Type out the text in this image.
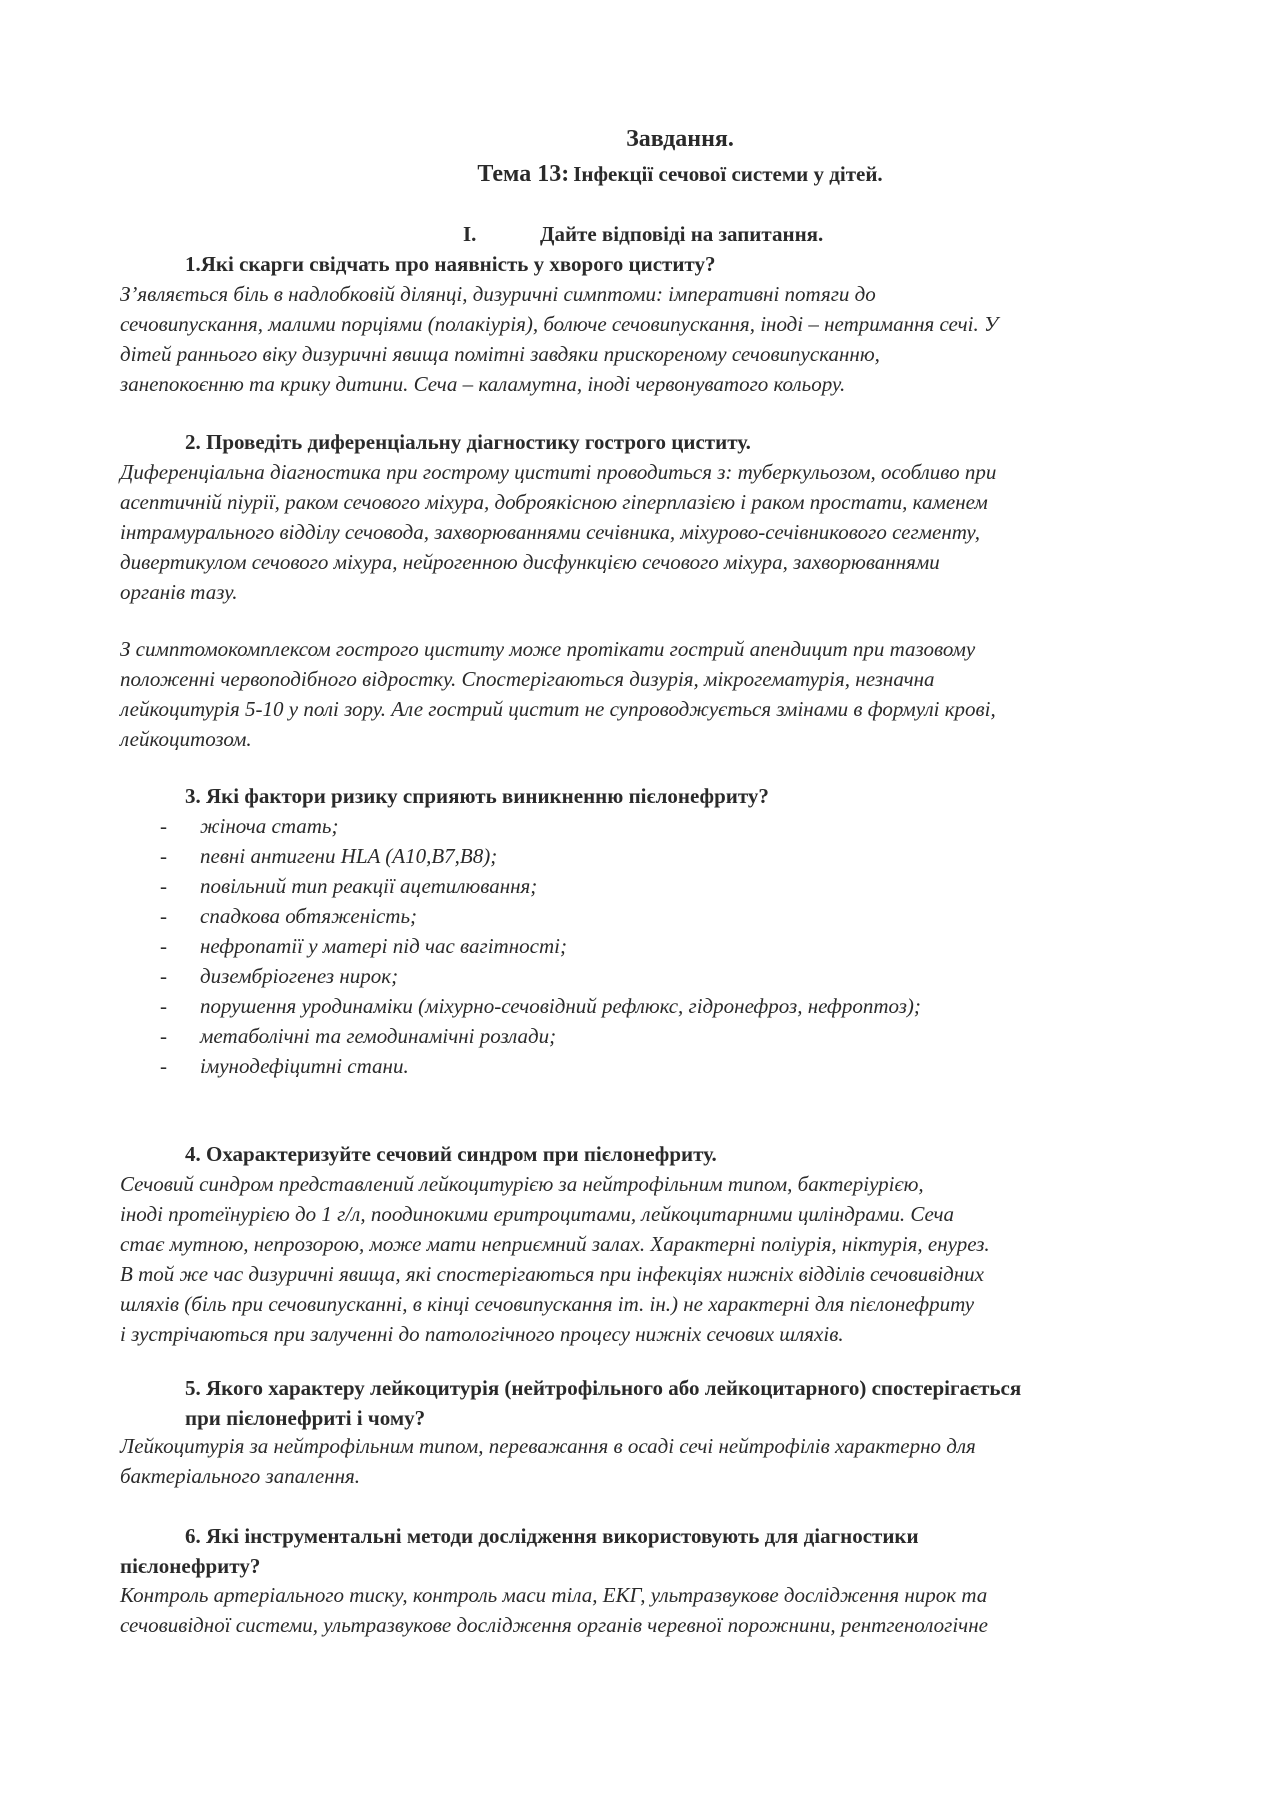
Завдання.
Тема 13: Інфекції сечової системи у дітей.
I.	Дайте відповіді на запитання.
1.Які скарги свідчать про наявність у хворого циститу?
З’являється біль в надлобковій ділянці, дизуричні симптоми: імперативні потяги до
сечовипускання, малими порціями (полакіурія), болюче сечовипускання, іноді – нетримання сечі. У
дітей раннього віку дизуричні явища помітні завдяки прискореному сечовипусканню,
занепокоєнню та крику дитини. Сеча – каламутна, іноді червонуватого кольору.
2. Проведіть диференціальну діагностику гострого циститу.
Диференціальна діагностика при гострому циститі проводиться з: туберкульозом, особливо при
асептичній піурії, раком сечового міхура, доброякісною гіперплазією і раком простати, каменем
інтрамурального відділу сечовода, захворюваннями сечівника, міхурово-сечівникового сегменту,
дивертикулом сечового міхура, нейрогенною дисфункцією сечового міхура, захворюваннями
органів тазу.
З симптомокомплексом гострого циститу може протікати гострий апендицит при тазовому
положенні червоподібного відростку. Спостерігаються дизурія, мікрогематурія, незначна
лейкоцитурія 5-10 у полі зору. Але гострий цистит не супроводжується змінами в формулі крові,
лейкоцитозом.
3. Які фактори ризику сприяють виникненню пієлонефриту?
- жіноча стать;
- певні антигени HLA (A10,B7,B8);
- повільний тип реакції ацетилювання;
- спадкова обтяженість;
- нефропатії у матері під час вагітності;
- дизембріогенез нирок;
- порушення уродинаміки (міхурно-сечовідний рефлюкс, гідронефроз, нефроптоз);
- метаболічні та гемодинамічні розлади;
- імунодефіцитні стани.
4. Охарактеризуйте сечовий синдром при пієлонефриту.
Сечовий синдром представлений лейкоцитурією за нейтрофільним типом, бактеріурією,
іноді протеїнурією до 1 г/л, поодинокими еритроцитами, лейкоцитарними циліндрами. Сеча
стає мутною, непрозорою, може мати неприємний залах. Характерні поліурія, ніктурія, енурез.
В той же час дизуричні явища, які спостерігаються при інфекціях нижніх відділів сечовивідних
шляхів (біль при сечовипусканні, в кінці сечовипускання іт. ін.) не характерні для пієлонефриту
і зустрічаються при залученні до патологічного процесу нижніх сечових шляхів.
5. Якого характеру лейкоцитурія (нейтрофільного або лейкоцитарного) спостерігається
при пієлонефриті і чому?
Лейкоцитурія за нейтрофільним типом, переважання в осаді сечі нейтрофілів характерно для
бактеріального запалення.
6. Які інструментальні методи дослідження використовують для діагностики
пієлонефриту?
Контроль артеріального тиску, контроль маси тіла, ЕКГ, ультразвукове дослідження нирок та
сечовивідної системи, ультразвукове дослідження органів черевної порожнини, рентгенологічне
